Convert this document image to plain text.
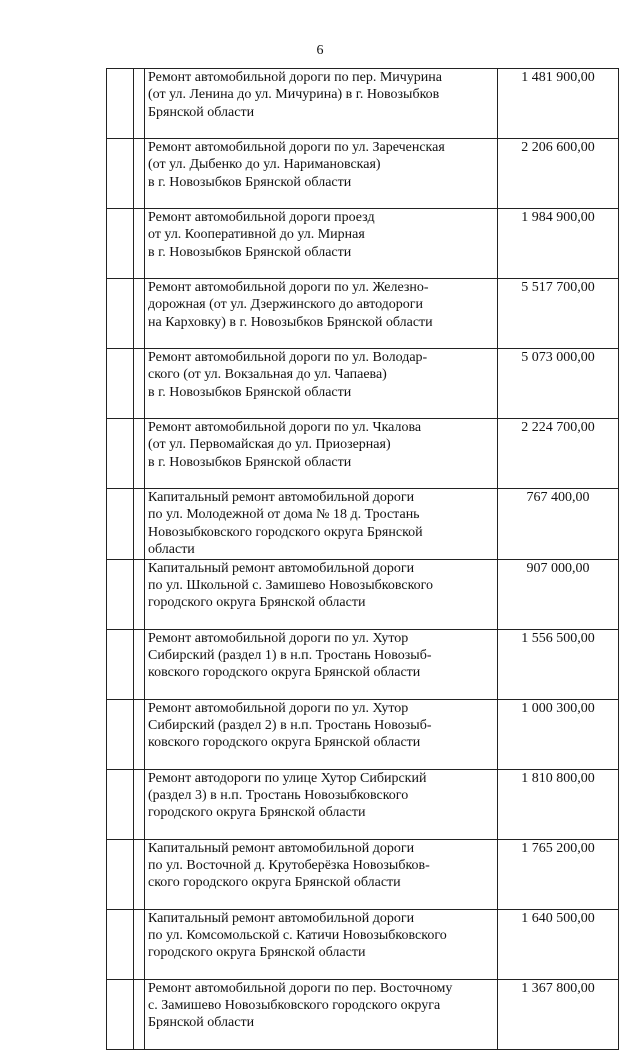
6

		Ремонт автомобильной дороги по пер. Мичурина
(от ул. Ленина до ул. Мичурина) в г. Новозыбков
Брянской области	1 481 900,00

		Ремонт автомобильной дороги по ул. Зареченская
(от ул. Дыбенко до ул. Наримановская)
в г. Новозыбков Брянской области	2 206 600,00

		Ремонт автомобильной дороги проезд
от ул. Кооперативной до ул. Мирная
в г. Новозыбков Брянской области	1 984 900,00

		Ремонт автомобильной дороги по ул. Железно-
дорожная (от ул. Дзержинского до автодороги
на Карховку) в г. Новозыбков Брянской области	5 517 700,00

		Ремонт автомобильной дороги по ул. Володар-
ского (от ул. Вокзальная до ул. Чапаева)
в г. Новозыбков Брянской области	5 073 000,00

		Ремонт автомобильной дороги по ул. Чкалова
(от ул. Первомайская до ул. Приозерная)
в г. Новозыбков Брянской области	2 224 700,00

		Капитальный ремонт автомобильной дороги
по ул. Молодежной от дома № 18 д. Тростань
Новозыбковского городского округа Брянской
области	767 400,00

		Капитальный ремонт автомобильной дороги
по ул. Школьной с. Замишево Новозыбковского
городского округа Брянской области	907 000,00

		Ремонт автомобильной дороги по ул. Хутор
Сибирский (раздел 1) в н.п. Тростань Новозыб-
ковского городского округа Брянской области	1 556 500,00

		Ремонт автомобильной дороги по ул. Хутор
Сибирский (раздел 2) в н.п. Тростань Новозыб-
ковского городского округа Брянской области	1 000 300,00

		Ремонт автодороги по улице Хутор Сибирский
(раздел 3) в н.п. Тростань Новозыбковского
городского округа Брянской области	1 810 800,00

		Капитальный ремонт автомобильной дороги
по ул. Восточной д. Крутоберёзка Новозыбков-
ского городского округа Брянской области	1 765 200,00

		Капитальный ремонт автомобильной дороги
по ул. Комсомольской с. Катичи Новозыбковского
городского округа Брянской области	1 640 500,00

		Ремонт автомобильной дороги по пер. Восточному
с. Замишево Новозыбковского городского округа
Брянской области	1 367 800,00
